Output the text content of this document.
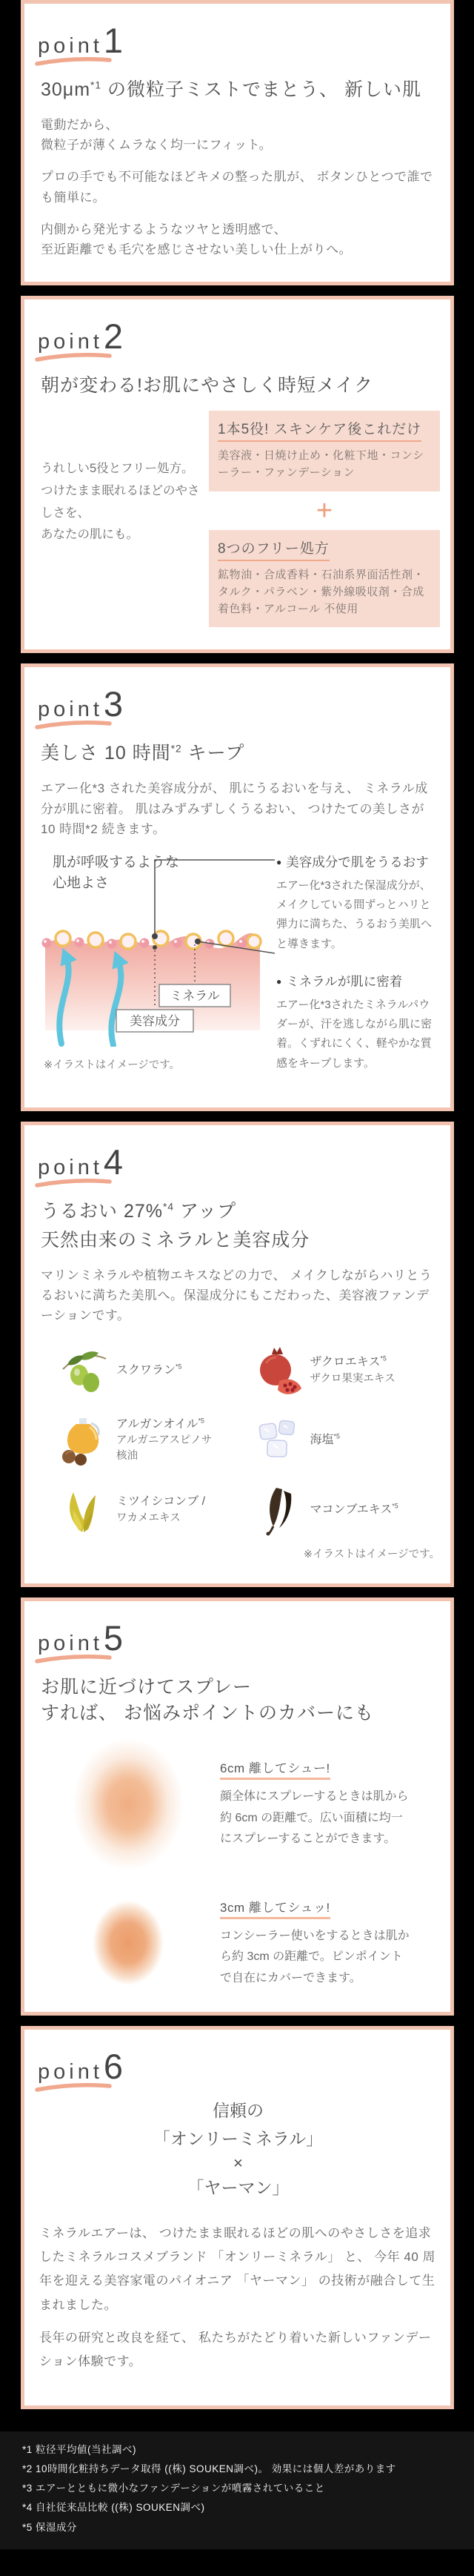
point1
$30\mu m^{*1}$ の微粒子ミストでまとう、 新しい肌

電動だから、
微粒子が薄くムラなく均一にフィット。

プロの手でも不可能なほどキメの整った肌が、 ボタンひとつで誰でも簡単に。

内側から発光するようなツヤと透明感で、
至近距離でも毛穴を感じさせない美しい仕上がりへ。

point2
朝が変わる!お肌にやさしく時短メイク
うれしい5役とフリー処方。
つけたまま眠れるほどのやさしさを、
あなたの肌にも。
1本5役! スキンケア後これだけ
美容液・日焼け止め・化粧下地・コンシーラー・ファンデーション
+
8つのフリー処方
鉱物油・合成香料・石油系界面活性剤・タルク・パラベン・紫外線吸収剤・合成着色料・アルコール 不使用
point3
美しさ 10 時間$^{*2}$ キープ

エアー化*3 された美容成分が、 肌にうるおいを与え、 ミネラル成分が肌に密着。 肌はみずみずしくうるおい、 つけたての美しさが 10 時間*2 続きます。

肌が呼吸するような
心地よさ
ミネラル
美容成分
※イラストはイメージです。
● 美容成分で肌をうるおす

エアー化*3された保湿成分が、メイクしている間ずっとハリと弾力に満ちた、うるおう美肌へと導きます。

● ミネラルが肌に密着

エアー化*3されたミネラルパウダーが、汗を逃しながら肌に密着。くずれにくく、軽やかな質感をキープします。

point4
うるおい 27%$^{*4}$ アップ
天然由来のミネラルと美容成分

マリンミネラルや植物エキスなどの力で、 メイクしながらハリとうるおいに満ちた美肌へ。保湿成分にもこだわった、美容液ファンデーションです。

スクワラン$^{*5}$	ザクロエキス$^{*5}$
ザクロ果実エキス
アルガンオイル$^{*5}$
アルガニアスピノサ核油
海塩$^{*5}$
ミツイシコンブ /
ワカメエキス
マコンブエキス$^{*5}$
※イラストはイメージです。
point5
お肌に近づけてスプレー
すれば、 お悩みポイントのカバーにも
6cm 離してシュー!

顔全体にスプレーするときは肌から約 6cm の距離で。広い面積に均一にスプレーすることができます。

3cm 離してシュッ!

コンシーラー使いをするときは肌から約 3cm の距離で。ピンポイントで自在にカバーできます。

point6
信頼の
「オンリーミネラル」
✕
「ヤーマン」

ミネラルエアーは、 つけたまま眠れるほどの肌へのやさしさを追求したミネラルコスメブランド 「オンリーミネラル」 と、 今年 40 周年を迎える美容家電のパイオニア 「ヤーマン」 の技術が融合して生まれました。

長年の研究と改良を経て、 私たちがたどり着いた新しいファンデーション体験です。

*1 粒径平均値(当社調べ)
*2 10時間化粧持ちデータ取得 ((株) SOUKEN調べ)。 効果には個人差があります
*3 エアーとともに微小なファンデーションが噴霧されていること
*4 自社従来品比較 ((株) SOUKEN調べ)
*5 保湿成分
